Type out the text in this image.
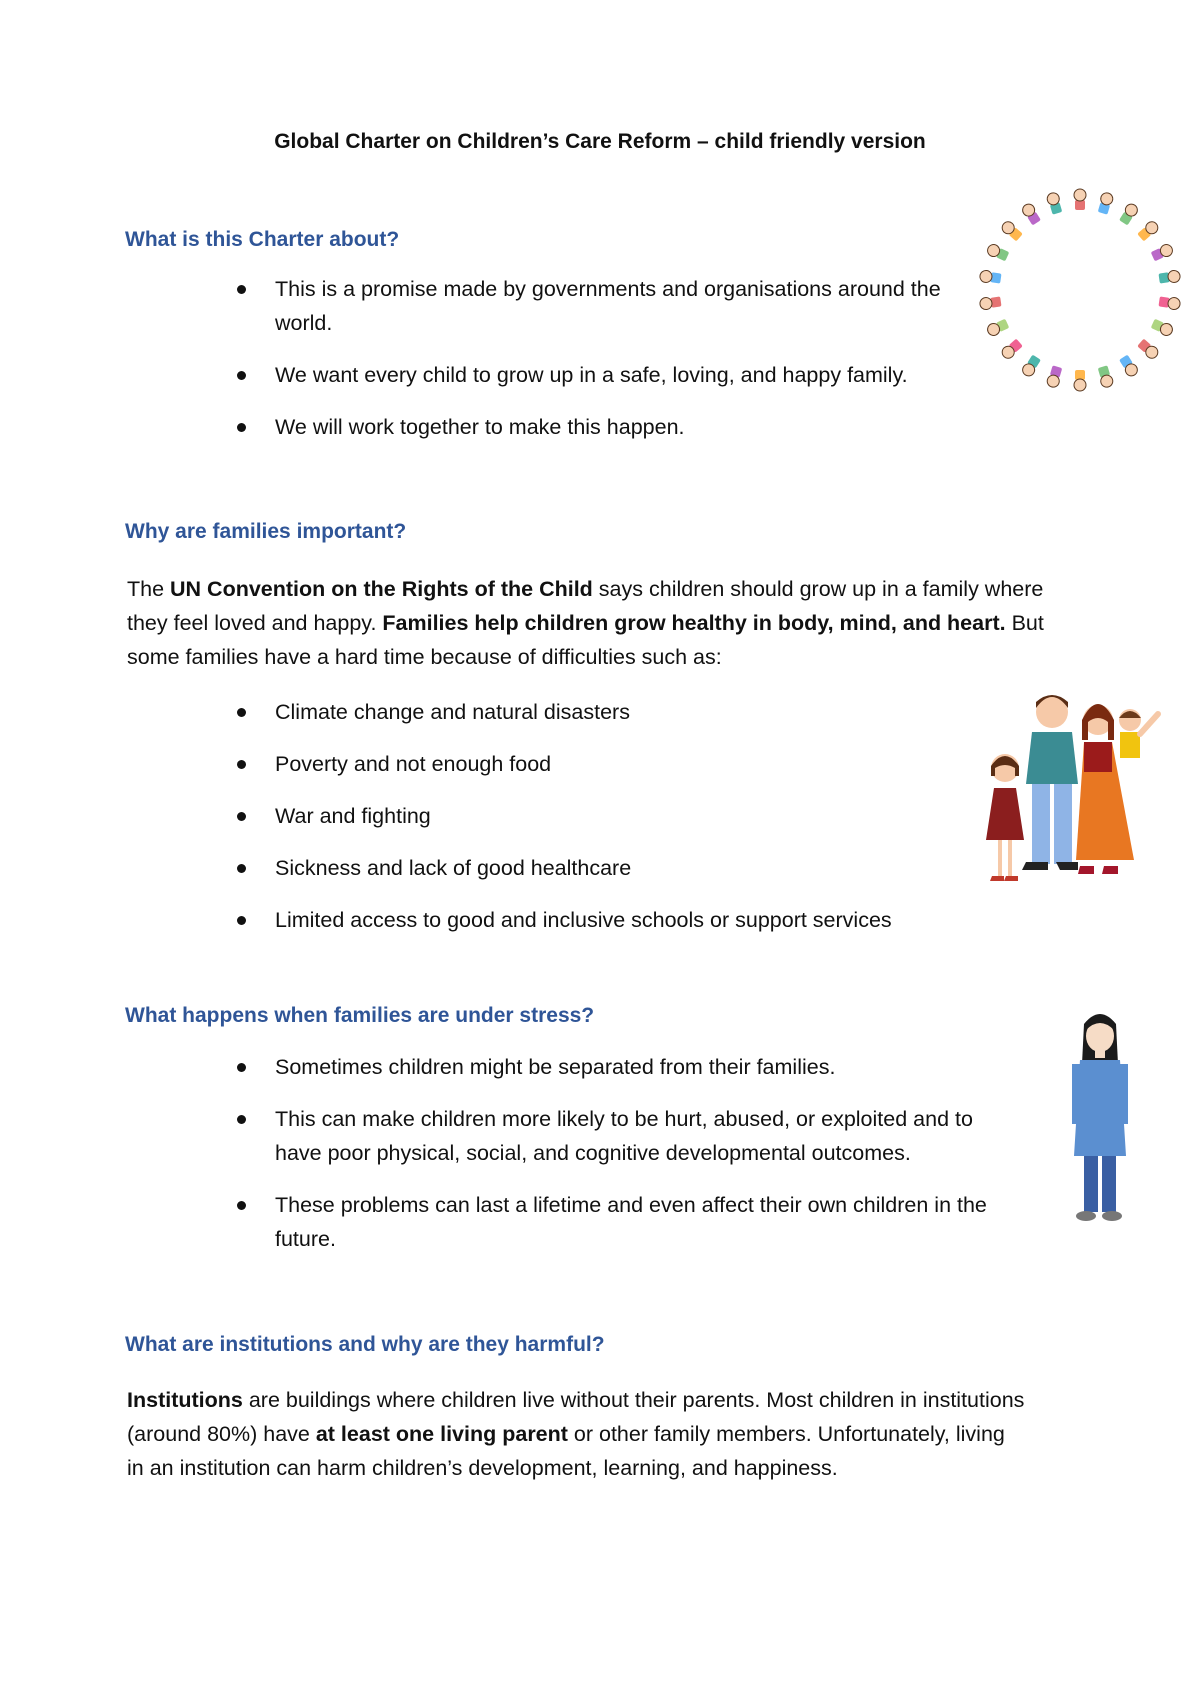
Global Charter on Children’s Care Reform – child friendly version
What is this Charter about?
This is a promise made by governments and organisations around the world.
We want every child to grow up in a safe, loving, and happy family.
We will work together to make this happen.
Why are families important?
The UN Convention on the Rights of the Child says children should grow up in a family where they feel loved and happy. Families help children grow healthy in body, mind, and heart. But some families have a hard time because of difficulties such as:
Climate change and natural disasters
Poverty and not enough food
War and fighting
Sickness and lack of good healthcare
Limited access to good and inclusive schools or support services
What happens when families are under stress?
Sometimes children might be separated from their families.
This can make children more likely to be hurt, abused, or exploited and to have poor physical, social, and cognitive developmental outcomes.
These problems can last a lifetime and even affect their own children in the future.
What are institutions and why are they harmful?
Institutions are buildings where children live without their parents. Most children in institutions (around 80%) have at least one living parent or other family members. Unfortunately, living in an institution can harm children’s development, learning, and happiness.
